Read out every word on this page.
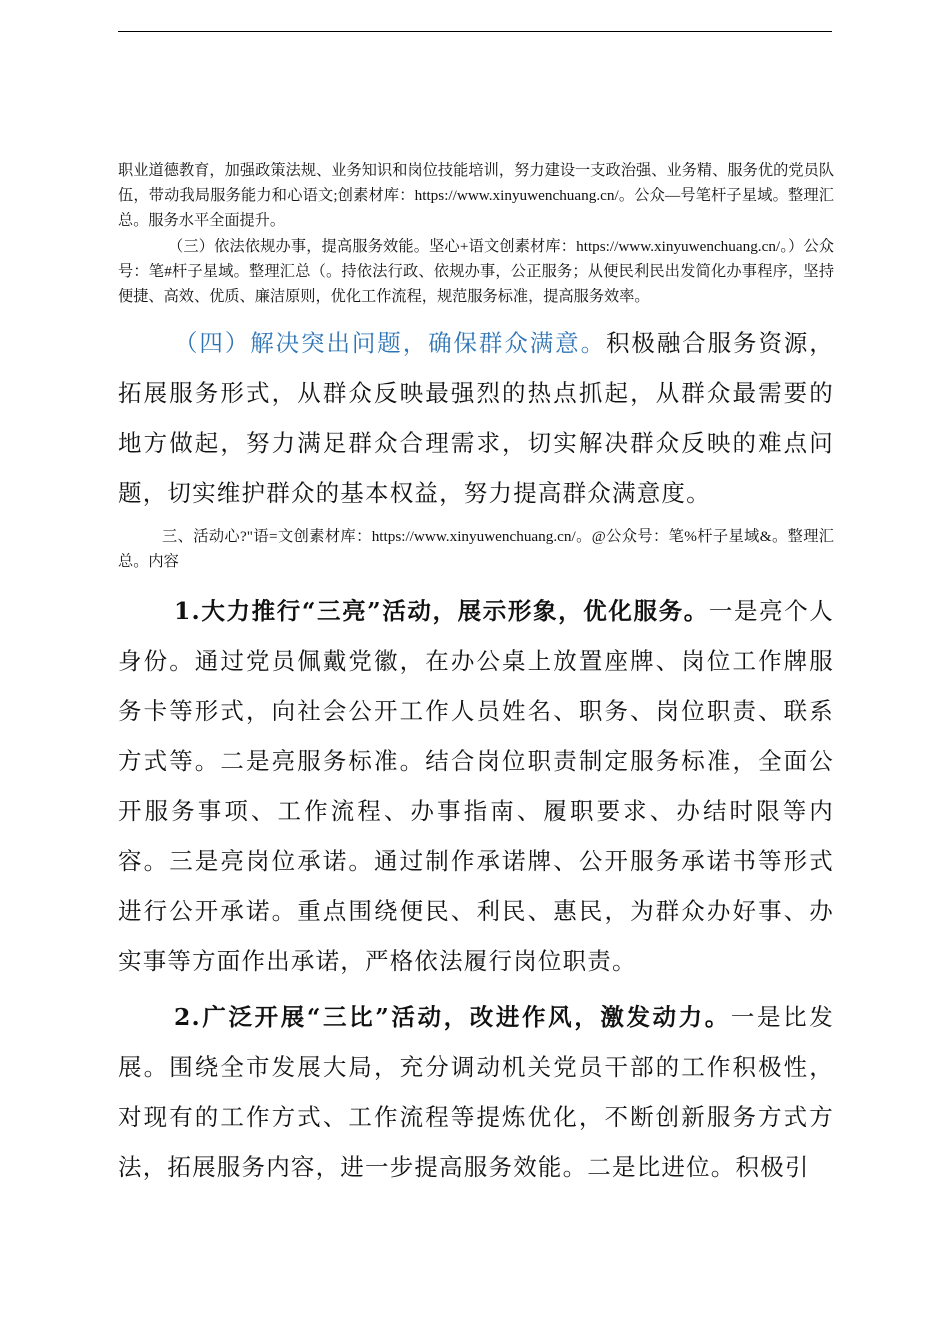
职业道德教育，加强政策法规、业务知识和岗位技能培训，努力建设一支政治强、业务精、服务优的党员队伍，带动我局服务能力和心语文;创素材库：https://www.xinyuwenchuang.cn/。公众—号笔杆子星域。整理汇总。服务水平全面提升。

（三）依法依规办事，提高服务效能。坚心+语文创素材库：https://www.xinyuwenchuang.cn/。）公众号：笔#杆子星域。整理汇总（。持依法行政、依规办事，公正服务；从便民利民出发简化办事程序，坚持便捷、高效、优质、廉洁原则，优化工作流程，规范服务标准，提高服务效率。

（四）解决突出问题，确保群众满意。积极融合服务资源，拓展服务形式，从群众反映最强烈的热点抓起，从群众最需要的地方做起，努力满足群众合理需求，切实解决群众反映的难点问题，切实维护群众的基本权益，努力提高群众满意度。

三、活动心?"语=文创素材库：https://www.xinyuwenchuang.cn/。@公众号：笔%杆子星域&。整理汇总。内容

1.大力推行“三亮”活动，展示形象，优化服务。一是亮个人身份。通过党员佩戴党徽，在办公桌上放置座牌、岗位工作牌服务卡等形式，向社会公开工作人员姓名、职务、岗位职责、联系方式等。二是亮服务标准。结合岗位职责制定服务标准，全面公开服务事项、工作流程、办事指南、履职要求、办结时限等内容。三是亮岗位承诺。通过制作承诺牌、公开服务承诺书等形式进行公开承诺。重点围绕便民、利民、惠民，为群众办好事、办实事等方面作出承诺，严格依法履行岗位职责。

2.广泛开展“三比”活动，改进作风，激发动力。一是比发展。围绕全市发展大局，充分调动机关党员干部的工作积极性，对现有的工作方式、工作流程等提炼优化，不断创新服务方式方法，拓展服务内容，进一步提高服务效能。二是比进位。积极引
